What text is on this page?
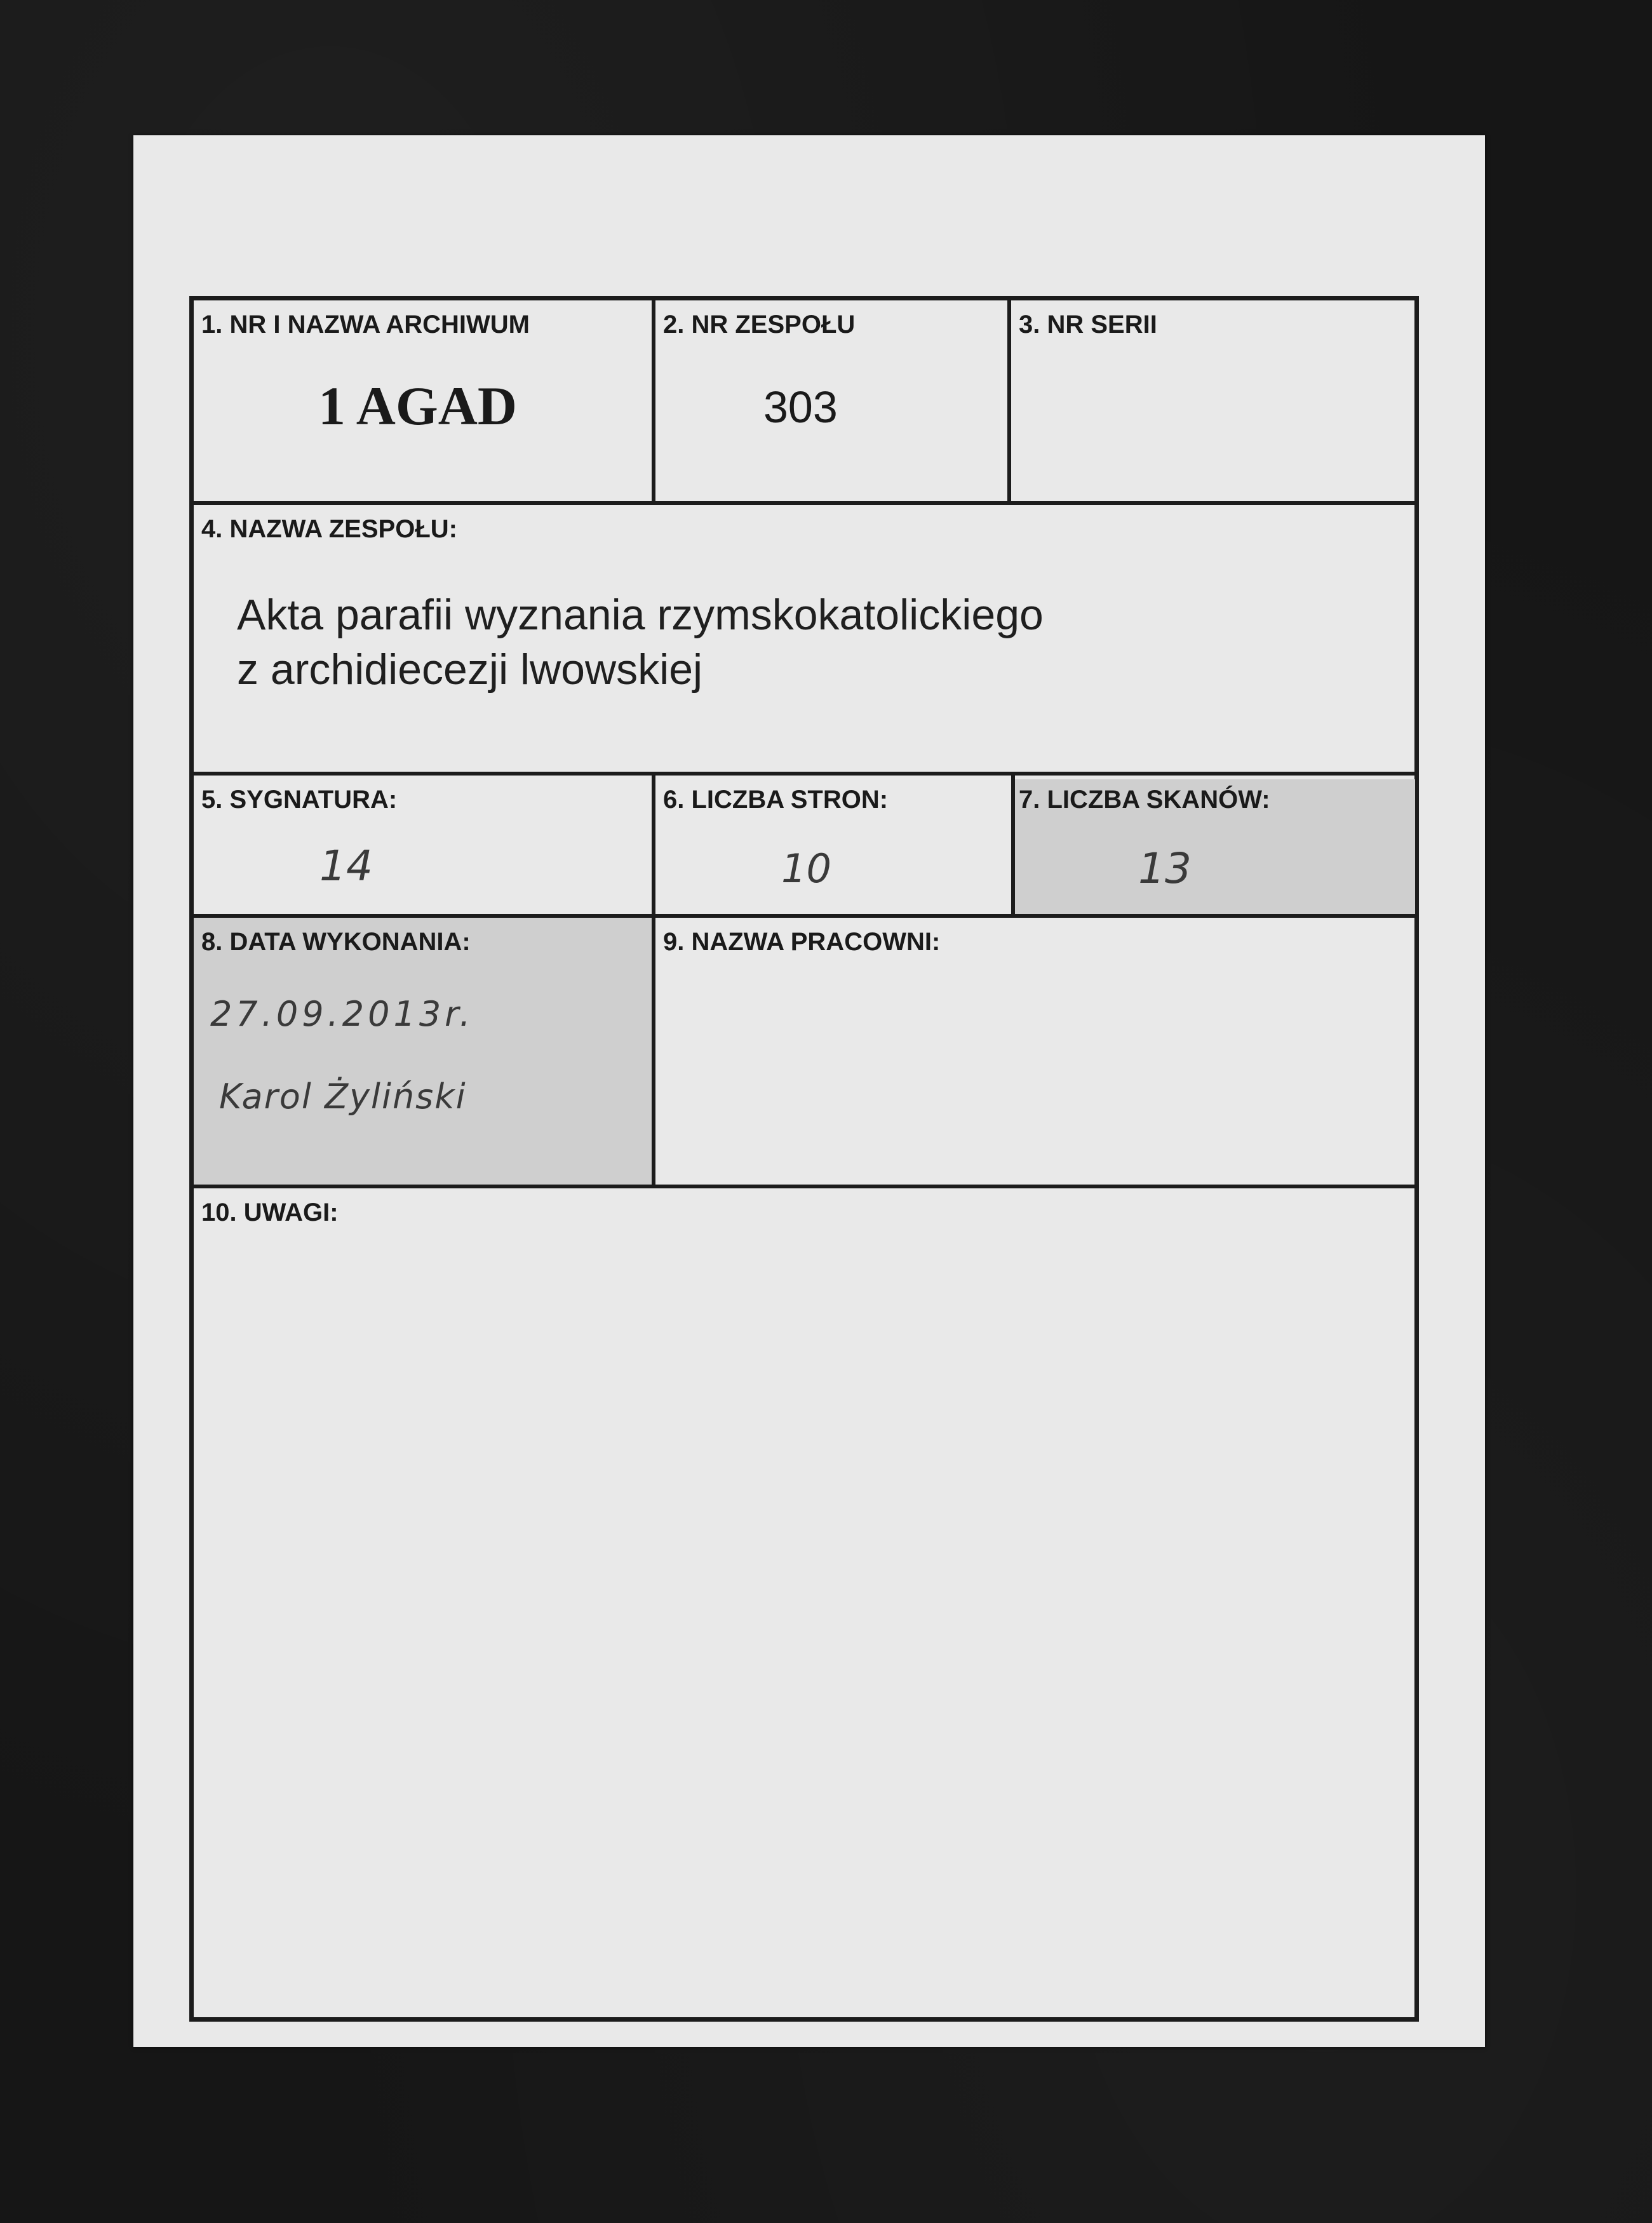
1. NR I NAZWA ARCHIWUM
1 AGAD
2. NR ZESPOŁU
303
3. NR SERII
4. NAZWA ZESPOŁU:
Akta parafii wyznania rzymskokatolickiego
z archidiecezji lwowskiej
5. SYGNATURA:
14
6. LICZBA STRON:
10
7. LICZBA SKANÓW:
13
8. DATA WYKONANIA:
27.09.2013r.
Karol Żyliński
9. NAZWA PRACOWNI:
10. UWAGI:
